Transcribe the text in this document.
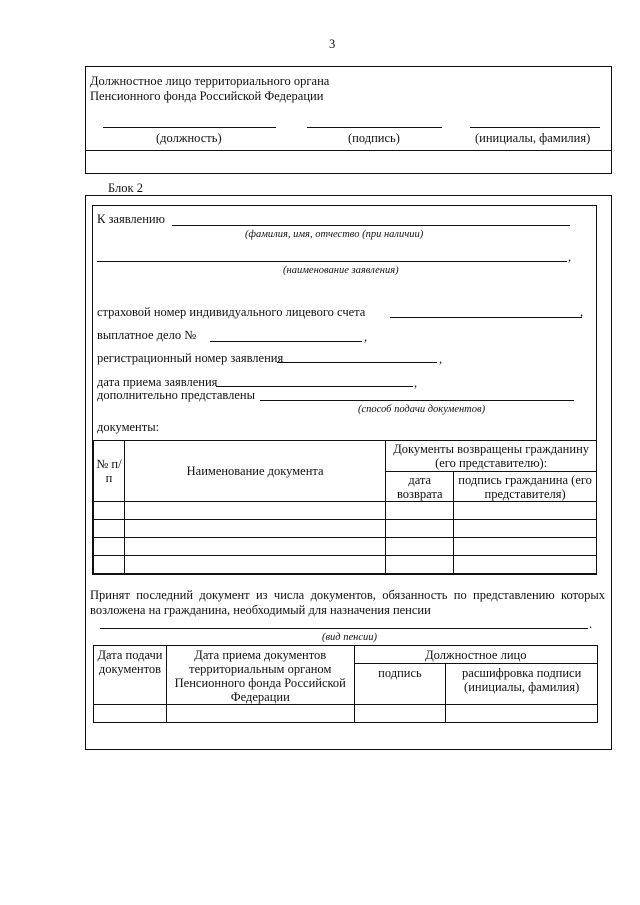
3
Должностное лицо территориального органа
Пенсионного фонда Российской Федерации
(должность)	(подпись)	(инициалы, фамилия)
Блок 2
К заявлению
(фамилия, имя, отчество (при наличии)
,
(наименование заявления)
страховой номер индивидуального лицевого счета	,
выплатное дело №	,
регистрационный номер заявления	,
дата приема заявления	,
дополнительно представлены
(способ подачи документов)
документы:
№ п/п	Наименование документа	Документы возвращены гражданину (его представителю):	
		дата возврата	подпись гражданина (его представителя)

Принят последний документ из числа документов, обязанность по представлению которых
возложена на гражданина, необходимый для назначения пенсии
.
(вид пенсии)
Дата подачи документов	Дата приема документов территориальным органом Пенсионного фонда Российской Федерации	Должностное лицо	
		подпись	расшифровка подписи (инициалы, фамилия)
